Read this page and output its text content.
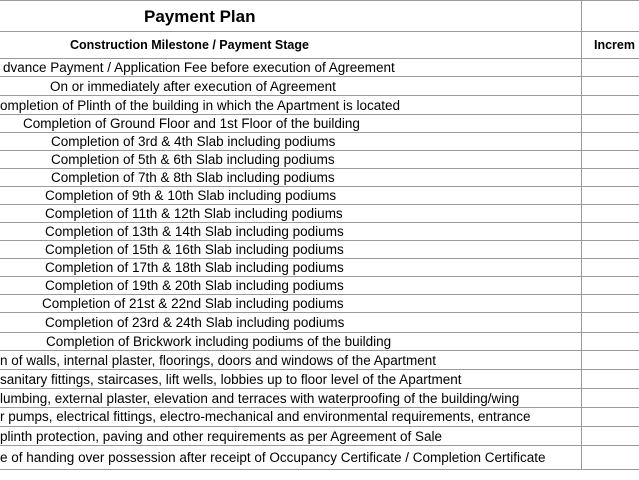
Payment Plan
Construction Milestone / Payment Stage	Increm
dvance Payment / Application Fee before execution of Agreement
On or immediately after execution of Agreement
ompletion of Plinth of the building in which the Apartment is located
Completion of Ground Floor and 1st Floor of the building
Completion of 3rd & 4th Slab including podiums
Completion of 5th & 6th Slab including podiums
Completion of 7th & 8th Slab including podiums
Completion of 9th & 10th Slab including podiums
Completion of 11th & 12th Slab including podiums
Completion of 13th & 14th Slab including podiums
Completion of 15th & 16th Slab including podiums
Completion of 17th & 18th Slab including podiums
Completion of 19th & 20th Slab including podiums
Completion of 21st & 22nd Slab including podiums
Completion of 23rd & 24th Slab including podiums
Completion of Brickwork including podiums of the building
n of walls, internal plaster, floorings, doors and windows of the Apartment
sanitary fittings, staircases, lift wells, lobbies up to floor level of the Apartment
lumbing, external plaster, elevation and terraces with waterproofing of the building/wing
r pumps, electrical fittings, electro-mechanical and environmental requirements, entrance
plinth protection, paving and other requirements as per Agreement of Sale
e of handing over possession after receipt of Occupancy Certificate / Completion Certificate
